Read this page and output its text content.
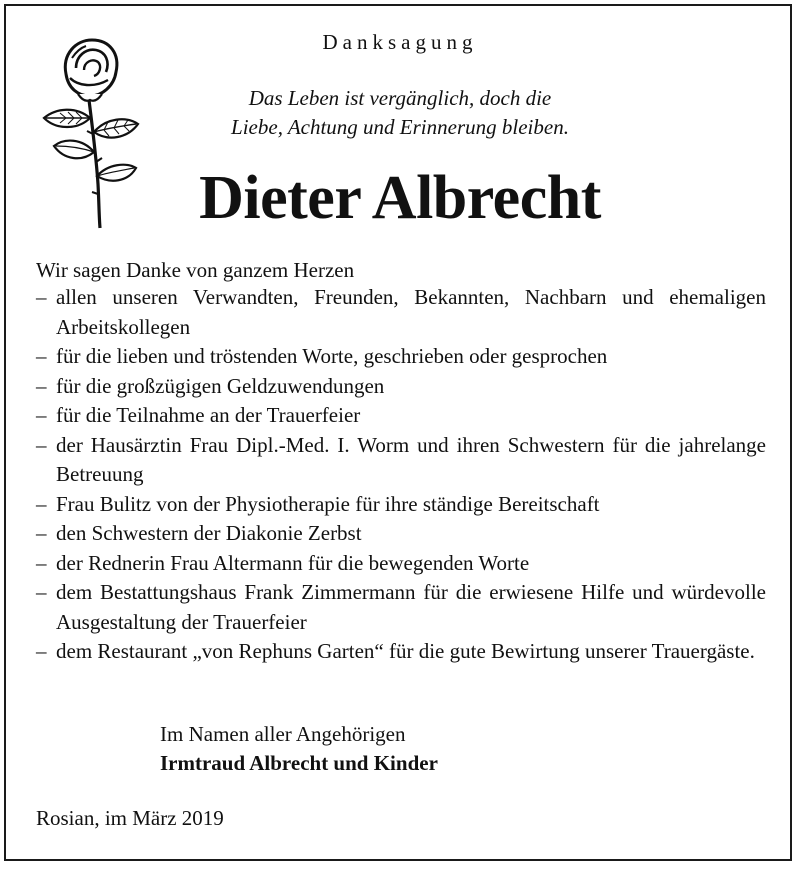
Danksagung
Das Leben ist vergänglich, doch die
Liebe, Achtung und Erinnerung bleiben.
Dieter Albrecht
Wir sagen Danke von ganzem Herzen
– allen unseren Verwandten, Freunden, Bekannten, Nachbarn und ehemaligen Arbeitskollegen
– für die lieben und tröstenden Worte, geschrieben oder gesprochen
– für die großzügigen Geldzuwendungen
– für die Teilnahme an der Trauerfeier
– der Hausärztin Frau Dipl.-Med. I. Worm und ihren Schwestern für die jahrelange Betreuung
– Frau Bulitz von der Physiotherapie für ihre ständige Bereitschaft
– den Schwestern der Diakonie Zerbst
– der Rednerin Frau Altermann für die bewegenden Worte
– dem Bestattungshaus Frank Zimmermann für die erwiesene Hilfe und würdevolle Ausgestaltung der Trauerfeier
– dem Restaurant „von Rephuns Garten“ für die gute Bewirtung unserer Trauergäste.
Im Namen aller Angehörigen
Irmtraud Albrecht und Kinder
Rosian, im März 2019
